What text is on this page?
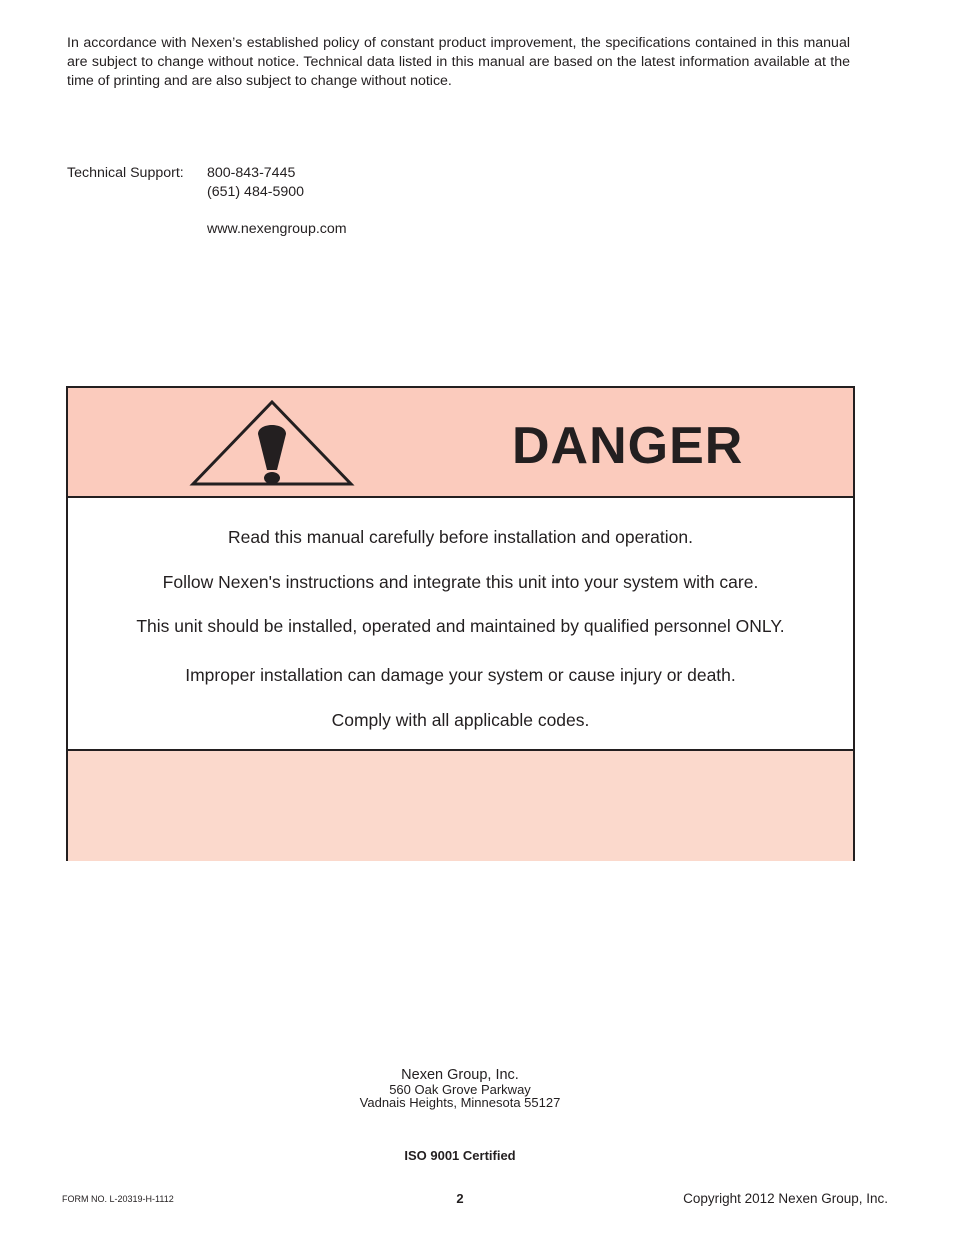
In accordance with Nexen’s established policy of constant product improvement, the specifications contained in this manual are subject to change without notice. Technical data listed in this manual are based on the latest information available at the time of printing and are also subject to change without notice.
Technical Support: 800-843-7445
(651) 484-5900
www.nexengroup.com
DANGER
Read this manual carefully before installation and operation.
Follow Nexen's instructions and integrate this unit into your system with care.
This unit should be installed, operated and maintained by qualified personnel ONLY.
Improper installation can damage your system or cause injury or death.
Comply with all applicable codes.
Nexen Group, Inc.
560 Oak Grove Parkway
Vadnais Heights, Minnesota 55127
ISO 9001 Certified
FORM NO. L-20319-H-1112	2	Copyright 2012 Nexen Group, Inc.
